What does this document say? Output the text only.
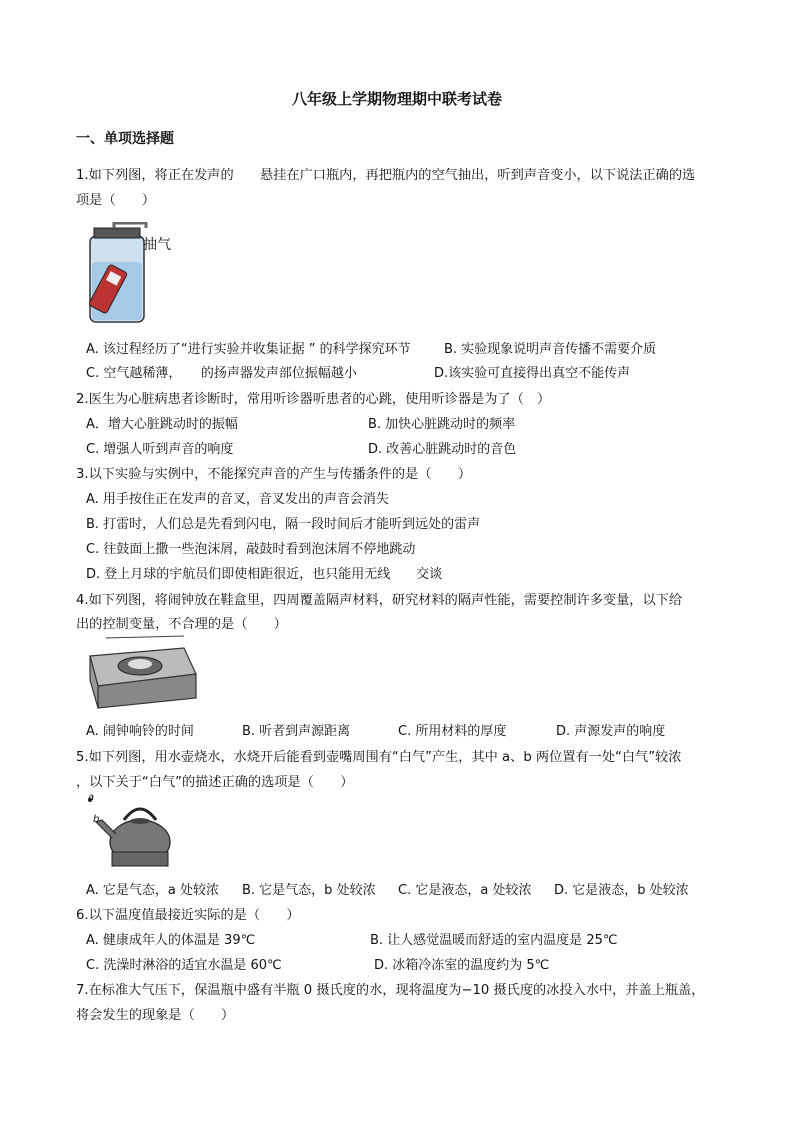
八年级上学期物理期中联考试卷
一、单项选择题
1.如下列图，将正在发声的　　悬挂在广口瓶内，再把瓶内的空气抽出，听到声音变小，以下说法正确的选
项是（　　）
抽气
A. 该过程经历了“进行实验并收集证据 ” 的科学探究环节	B. 实验现象说明声音传播不需要介质
C. 空气越稀薄，　　的扬声器发声部位振幅越小	D.该实验可直接得出真空不能传声
2.医生为心脏病患者诊断时，常用听诊器听患者的心跳，使用听诊器是为了（　）
A．增大心脏跳动时的振幅	B. 加快心脏跳动时的频率
C. 增强人听到声音的响度	D. 改善心脏跳动时的音色
3.以下实验与实例中，不能探究声音的产生与传播条件的是（　　）
A. 用手按住正在发声的音叉，音叉发出的声音会消失
B. 打雷时，人们总是先看到闪电，隔一段时间后才能听到远处的雷声
C. 往鼓面上撒一些泡沫屑，敲鼓时看到泡沫屑不停地跳动
D. 登上月球的宇航员们即使相距很近，也只能用无线　　交谈
4.如下列图，将闹钟放在鞋盒里，四周覆盖隔声材料，研究材料的隔声性能，需要控制许多变量，以下给
出的控制变量，不合理的是（　　）
A. 闹钟响铃的时间	B. 听者到声源距离	C. 所用材料的厚度	D. 声源发声的响度
5.如下列图，用水壶烧水，水烧开后能看到壶嘴周围有“白气”产生，其中 a、b 两位置有一处“白气”较浓
，以下关于“白气”的描述正确的选项是（　　）
a
b
A. 它是气态，a 处较浓 B. 它是气态，b 处较浓 C. 它是液态，a 处较浓 D. 它是液态，b 处较浓
6.以下温度值最接近实际的是（　　）
A. 健康成年人的体温是 39℃	B. 让人感觉温暖而舒适的室内温度是 25℃
C. 洗澡时淋浴的适宜水温是 60℃	D. 冰箱冷冻室的温度约为 5℃
7.在标准大气压下，保温瓶中盛有半瓶 0 摄氏度的水，现将温度为−10 摄氏度的冰投入水中，并盖上瓶盖，
将会发生的现象是（　　）
